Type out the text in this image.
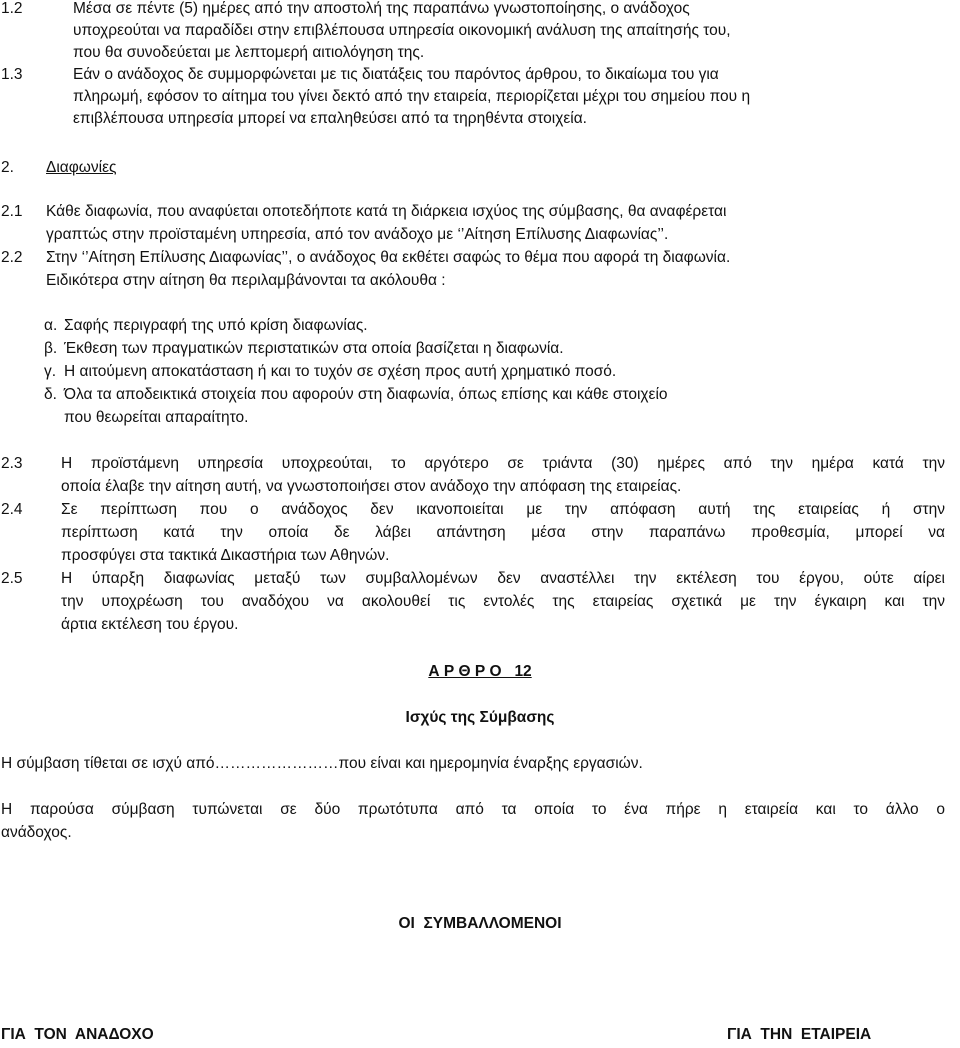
1.2	Μέσα σε πέντε (5) ημέρες από την αποστολή της παραπάνω γνωστοποίησης, ο ανάδοχος
υποχρεούται να παραδίδει στην επιβλέπουσα υπηρεσία οικονομική ανάλυση της απαίτησής του,
που θα συνοδεύεται με λεπτομερή αιτιολόγηση της.
1.3	Εάν ο ανάδοχος δε συμμορφώνεται με τις διατάξεις του παρόντος άρθρου, το δικαίωμα του για
πληρωμή, εφόσον το αίτημα του γίνει δεκτό από την εταιρεία, περιορίζεται μέχρι του σημείου που η
επιβλέπουσα υπηρεσία μπορεί να επαληθεύσει από τα τηρηθέντα στοιχεία.
2. Διαφωνίες
2.1 Κάθε διαφωνία, που αναφύεται οποτεδήποτε κατά τη διάρκεια ισχύος της σύμβασης, θα αναφέρεται
γραπτώς στην προϊσταμένη υπηρεσία, από τον ανάδοχο με ‘’Αίτηση Επίλυσης Διαφωνίας’’.
2.2 Στην ‘’Αίτηση Επίλυσης Διαφωνίας’’, ο ανάδοχος θα εκθέτει σαφώς το θέμα που αφορά τη διαφωνία.
Ειδικότερα στην αίτηση θα περιλαμβάνονται τα ακόλουθα :
α. Σαφής περιγραφή της υπό κρίση διαφωνίας.
β. Έκθεση των πραγματικών περιστατικών στα οποία βασίζεται η διαφωνία.
γ. Η αιτούμενη αποκατάσταση ή και το τυχόν σε σχέση προς αυτή χρηματικό ποσό.
δ. Όλα τα αποδεικτικά στοιχεία που αφορούν στη διαφωνία, όπως επίσης και κάθε στοιχείο
που θεωρείται απαραίτητο.
2.3 Η προϊστάμενη υπηρεσία υποχρεούται, το αργότερο σε τριάντα (30) ημέρες από την ημέρα κατά την
οποία έλαβε την αίτηση αυτή, να γνωστοποιήσει στον ανάδοχο την απόφαση της εταιρείας.
2.4 Σε περίπτωση που ο ανάδοχος δεν ικανοποιείται με την απόφαση αυτή της εταιρείας ή στην
περίπτωση κατά την οποία δε λάβει απάντηση μέσα στην παραπάνω προθεσμία, μπορεί να
προσφύγει στα τακτικά Δικαστήρια των Αθηνών.
2.5 Η ύπαρξη διαφωνίας μεταξύ των συμβαλλομένων δεν αναστέλλει την εκτέλεση του έργου, ούτε αίρει
την υποχρέωση του αναδόχου να ακολουθεί τις εντολές της εταιρείας σχετικά με την έγκαιρη και την
άρτια εκτέλεση του έργου.
Α Ρ Θ Ρ Ο   12
Ισχύς της Σύμβασης
Η σύμβαση τίθεται σε ισχύ από……………………που είναι και ημερομηνία έναρξης εργασιών.
Η παρούσα σύμβαση τυπώνεται σε δύο πρωτότυπα από τα οποία το ένα πήρε η εταιρεία και το άλλο ο
ανάδοχος.
ΟΙ  ΣΥΜΒΑΛΛΟΜΕΝΟΙ
ΓΙΑ  ΤΟΝ  ΑΝΑΔΟΧΟ	ΓΙΑ  ΤΗΝ  ΕΤΑΙΡΕΙΑ
